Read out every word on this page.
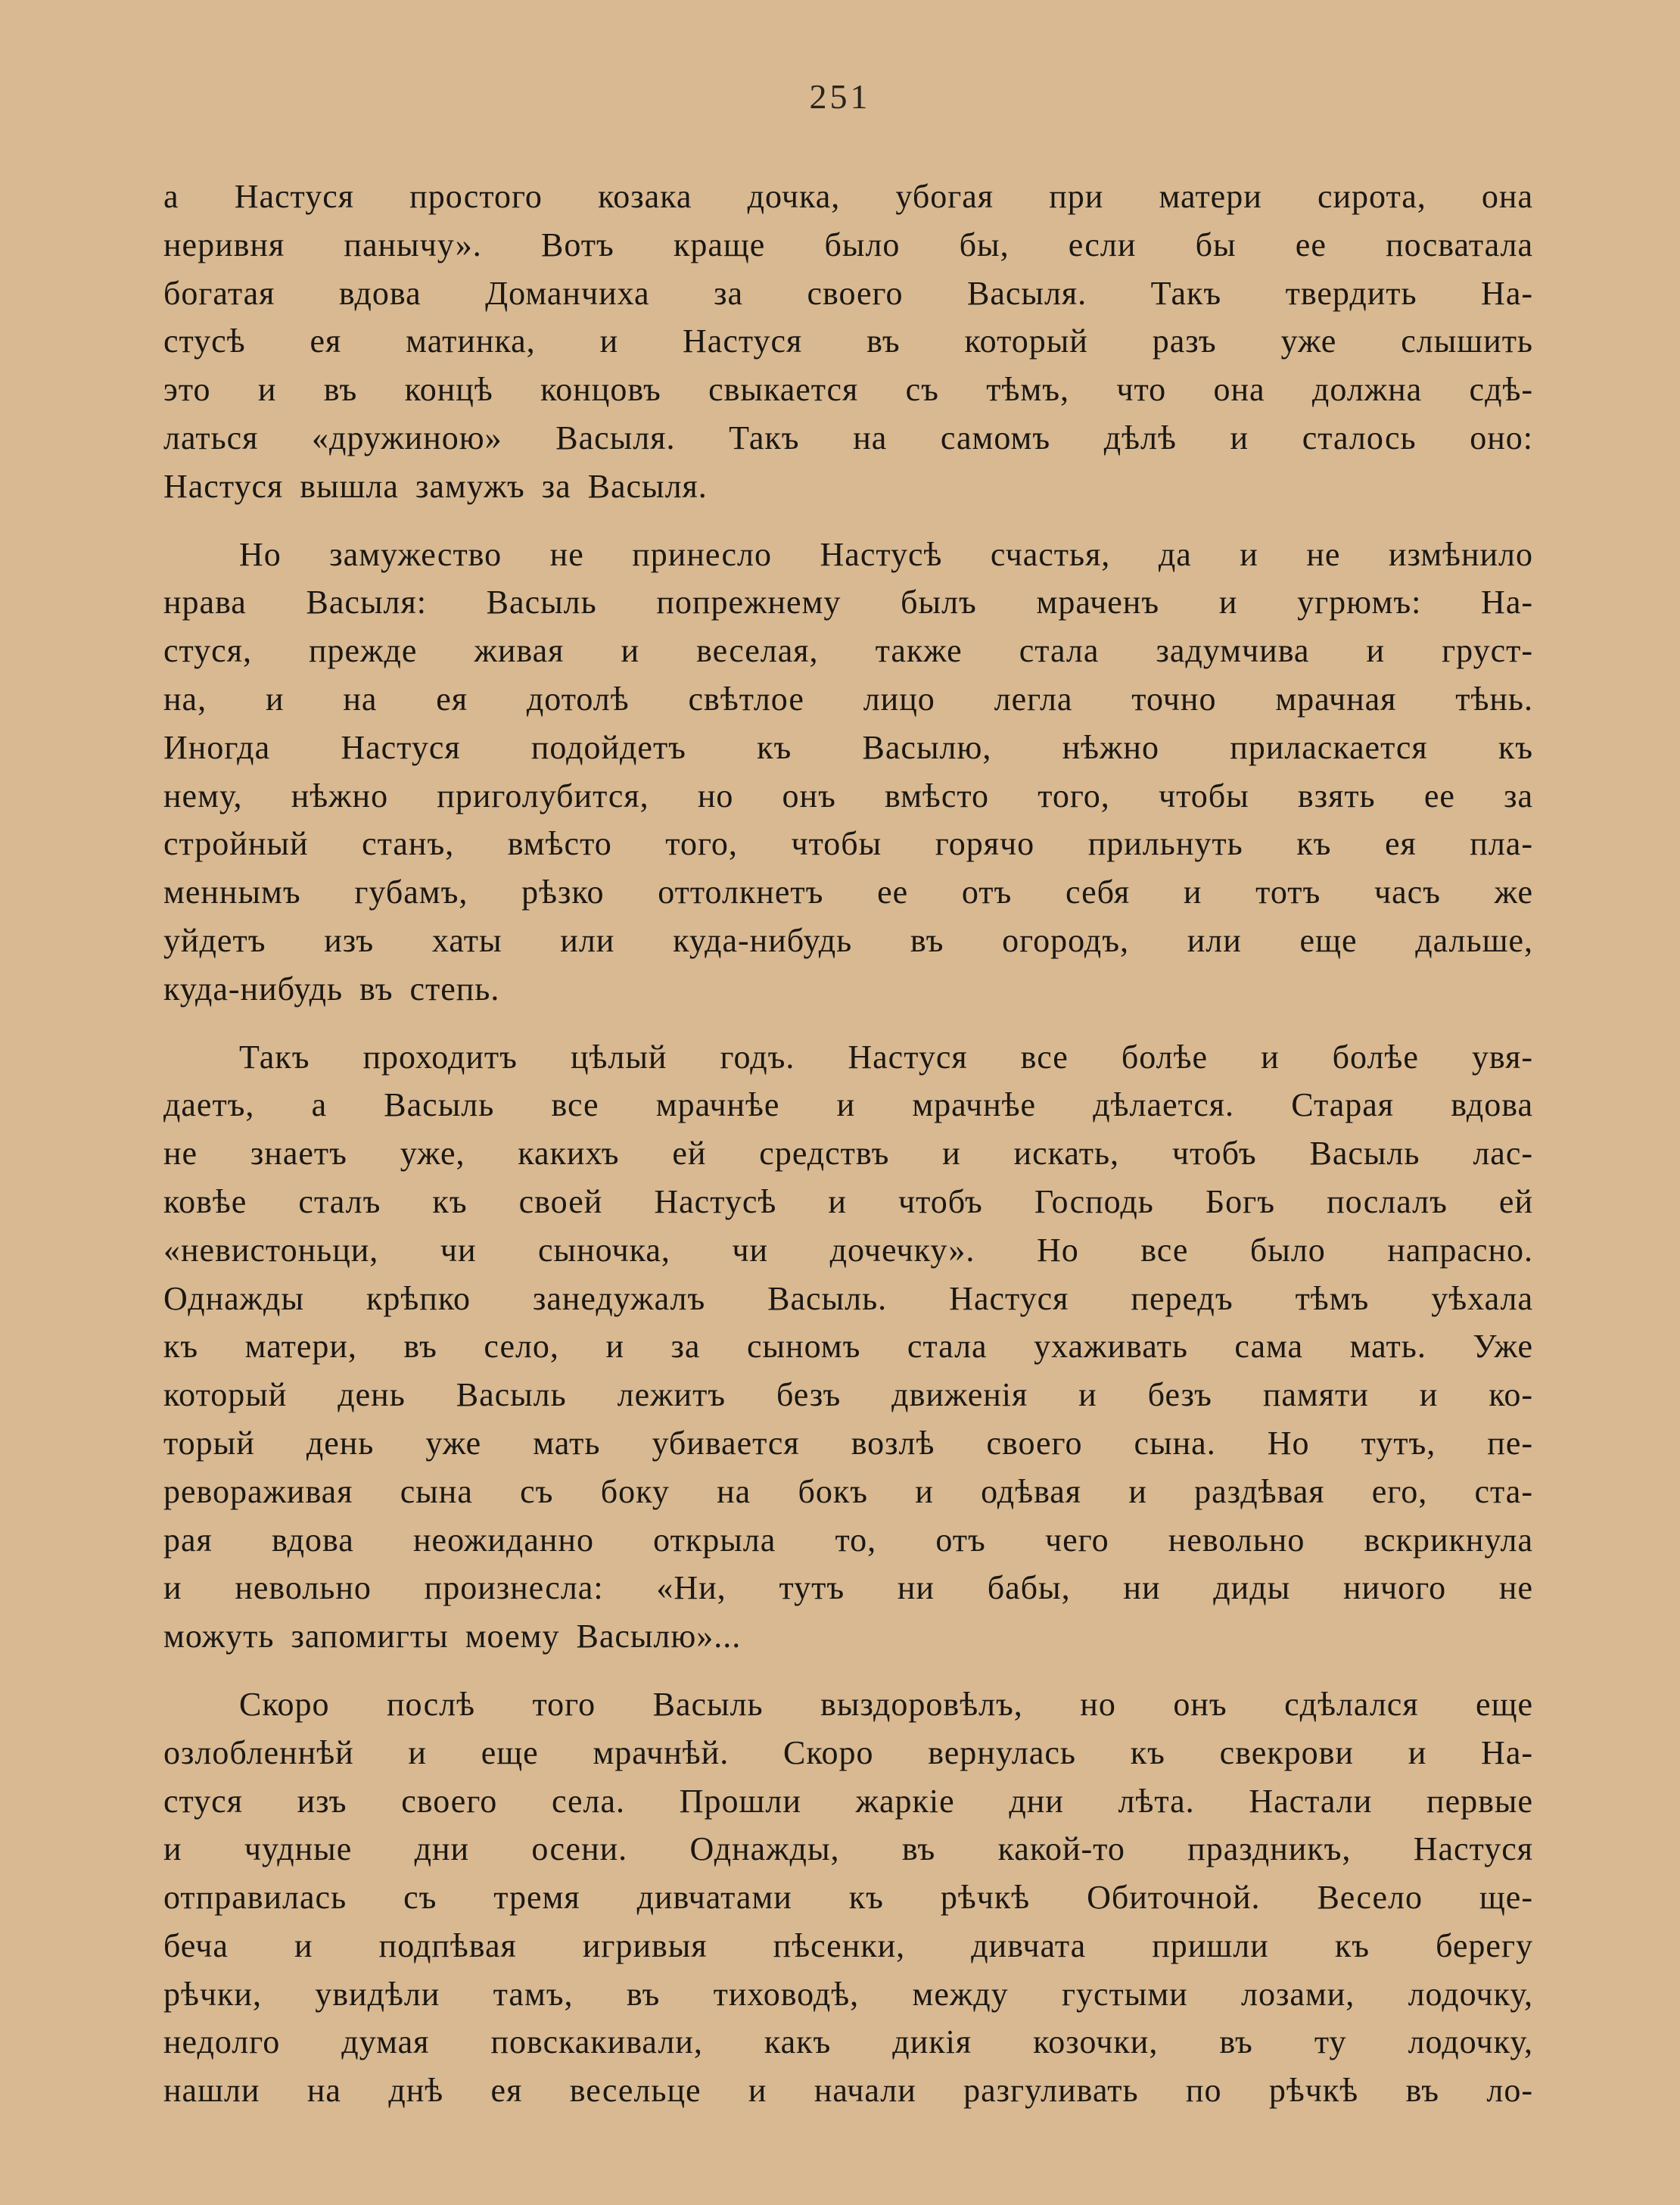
251
а Настуся простого козака дочка, убогая при матери сирота, она
неривня панычу». Вотъ краще было бы, если бы ее посватала
богатая вдова Доманчиха за своего Васыля. Такъ твердить На-
стусѣ ея матинка, и Настуся въ который разъ уже слышить
это и въ концѣ концовъ свыкается съ тѣмъ, что она должна сдѣ-
латься «дружиною» Васыля. Такъ на самомъ дѣлѣ и сталось оно:
Настуся вышла замужъ за Васыля.
Но замужество не принесло Настусѣ счастья, да и не измѣнило
нрава Васыля: Васыль попрежнему былъ мраченъ и угрюмъ: На-
стуся, прежде живая и веселая, также стала задумчива и груст-
на, и на ея дотолѣ свѣтлое лицо легла точно мрачная тѣнь.
Иногда Настуся подойдетъ къ Васылю, нѣжно приласкается къ
нему, нѣжно приголубится, но онъ вмѣсто того, чтобы взять ее за
стройный станъ, вмѣсто того, чтобы горячо прильнуть къ ея пла-
меннымъ губамъ, рѣзко оттолкнетъ ее отъ себя и тотъ часъ же
уйдетъ изъ хаты или куда-нибудь въ огородъ, или еще дальше,
куда-нибудь въ степь.
Такъ проходитъ цѣлый годъ. Настуся все болѣе и болѣе увя-
даетъ, а Васыль все мрачнѣе и мрачнѣе дѣлается. Старая вдова
не знаетъ уже, какихъ ей средствъ и искать, чтобъ Васыль лас-
ковѣе сталъ къ своей Настусѣ и чтобъ Господь Богъ послалъ ей
«невистоньци, чи сыночка, чи дочечку». Но все было напрасно.
Однажды крѣпко занедужалъ Васыль. Настуся передъ тѣмъ уѣхала
къ матери, въ село, и за сыномъ стала ухаживать сама мать. Уже
который день Васыль лежитъ безъ движенія и безъ памяти и ко-
торый день уже мать убивается возлѣ своего сына. Но тутъ, пе-
ревораживая сына съ боку на бокъ и одѣвая и раздѣвая его, ста-
рая вдова неожиданно открыла то, отъ чего невольно вскрикнула
и невольно произнесла: «Ни, тутъ ни бабы, ни диды ничого не
можуть запомигты моему Васылю»...
Скоро послѣ того Васыль выздоровѣлъ, но онъ сдѣлался еще
озлобленнѣй и еще мрачнѣй. Скоро вернулась къ свекрови и На-
стуся изъ своего села. Прошли жаркіе дни лѣта. Настали первые
и чудные дни осени. Однажды, въ какой-то праздникъ, Настуся
отправилась съ тремя дивчатами къ рѣчкѣ Обиточной. Весело ще-
беча и подпѣвая игривыя пѣсенки, дивчата пришли къ берегу
рѣчки, увидѣли тамъ, въ тиховодѣ, между густыми лозами, лодочку,
недолго думая повскакивали, какъ дикія козочки, въ ту лодочку,
нашли на днѣ ея весельце и начали разгуливать по рѣчкѣ въ ло-
